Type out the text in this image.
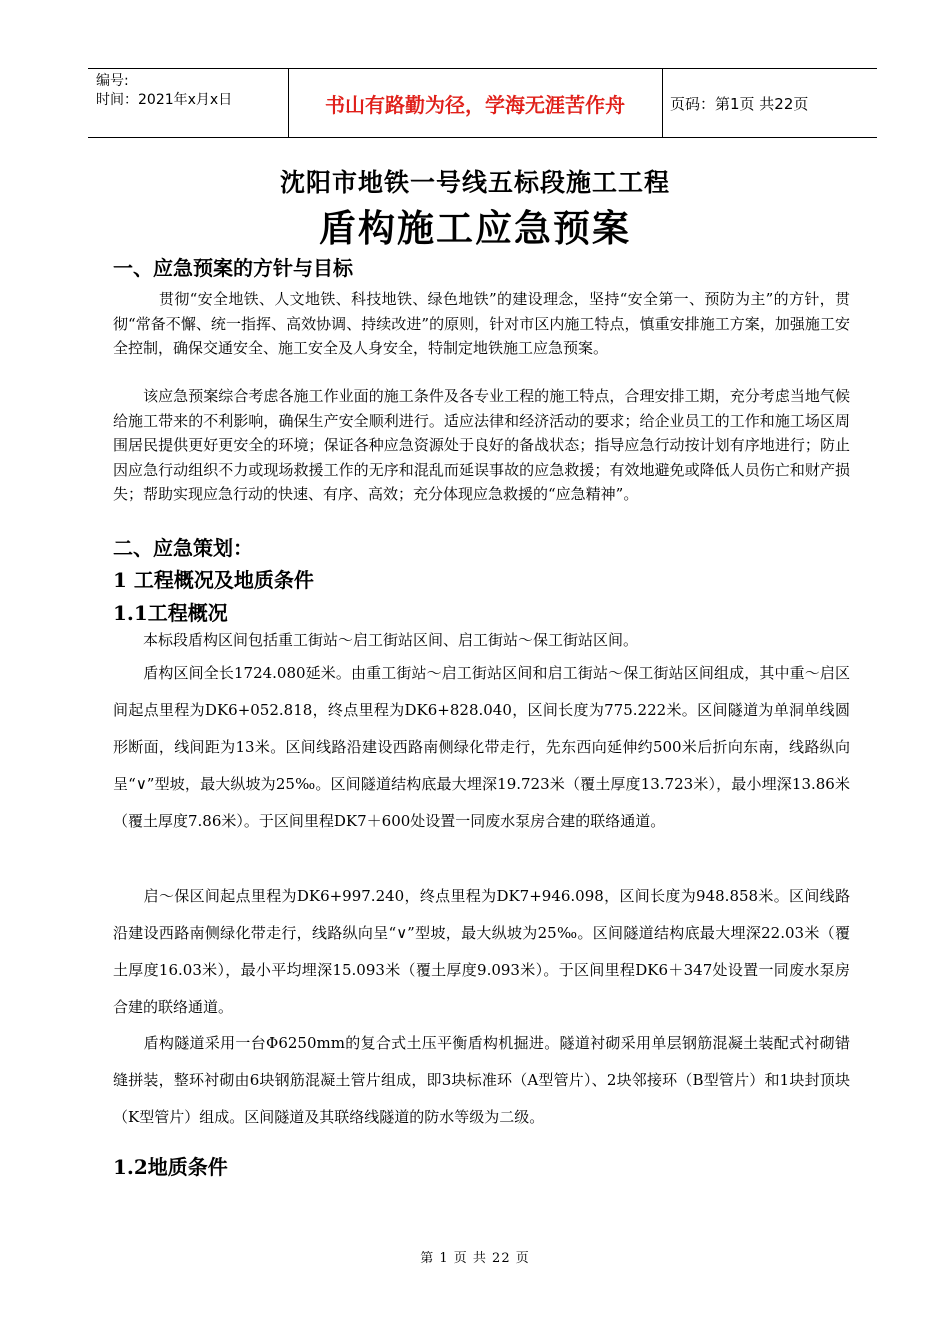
编号:
时间：2021年x月x日	书山有路勤为径，学海无涯苦作舟	页码：第1页 共22页
沈阳市地铁一号线五标段施工工程
盾构施工应急预案
一、应急预案的方针与目标
　　　贯彻“安全地铁、人文地铁、科技地铁、绿色地铁”的建设理念，坚持“安全第一、预防为主”的方针，贯彻“常备不懈、统一指挥、高效协调、持续改进”的原则，针对市区内施工特点，慎重安排施工方案，加强施工安全控制，确保交通安全、施工安全及人身安全，特制定地铁施工应急预案。
　　该应急预案综合考虑各施工作业面的施工条件及各专业工程的施工特点，合理安排工期，充分考虑当地气候给施工带来的不利影响，确保生产安全顺利进行。适应法律和经济活动的要求；给企业员工的工作和施工场区周围居民提供更好更安全的环境；保证各种应急资源处于良好的备战状态；指导应急行动按计划有序地进行；防止因应急行动组织不力或现场救援工作的无序和混乱而延误事故的应急救援；有效地避免或降低人员伤亡和财产损失；帮助实现应急行动的快速、有序、高效；充分体现应急救援的“应急精神”。
二、应急策划：
1 工程概况及地质条件
1.1工程概况
　　本标段盾构区间包括重工街站～启工街站区间、启工街站～保工街站区间。
　　盾构区间全长1724.080延米。由重工街站～启工街站区间和启工街站～保工街站区间组成，其中重～启区间起点里程为DK6+052.818，终点里程为DK6+828.040，区间长度为775.222米。区间隧道为单洞单线圆形断面，线间距为13米。区间线路沿建设西路南侧绿化带走行，先东西向延伸约500米后折向东南，线路纵向呈“∨”型坡，最大纵坡为25‰。区间隧道结构底最大埋深19.723米（覆土厚度13.723米），最小埋深13.86米（覆土厚度7.86米）。于区间里程DK7＋600处设置一同废水泵房合建的联络通道。
　　启～保区间起点里程为DK6+997.240，终点里程为DK7+946.098，区间长度为948.858米。区间线路沿建设西路南侧绿化带走行，线路纵向呈“∨”型坡，最大纵坡为25‰。区间隧道结构底最大埋深22.03米（覆土厚度16.03米），最小平均埋深15.093米（覆土厚度9.093米）。于区间里程DK6＋347处设置一同废水泵房合建的联络通道。
　　盾构隧道采用一台Φ6250mm的复合式土压平衡盾构机掘进。隧道衬砌采用单层钢筋混凝土装配式衬砌错缝拼装，整环衬砌由6块钢筋混凝土管片组成，即3块标准环（A型管片）、2块邻接环（B型管片）和1块封顶块（K型管片）组成。区间隧道及其联络线隧道的防水等级为二级。
1.2地质条件
第 1 页 共 22 页
